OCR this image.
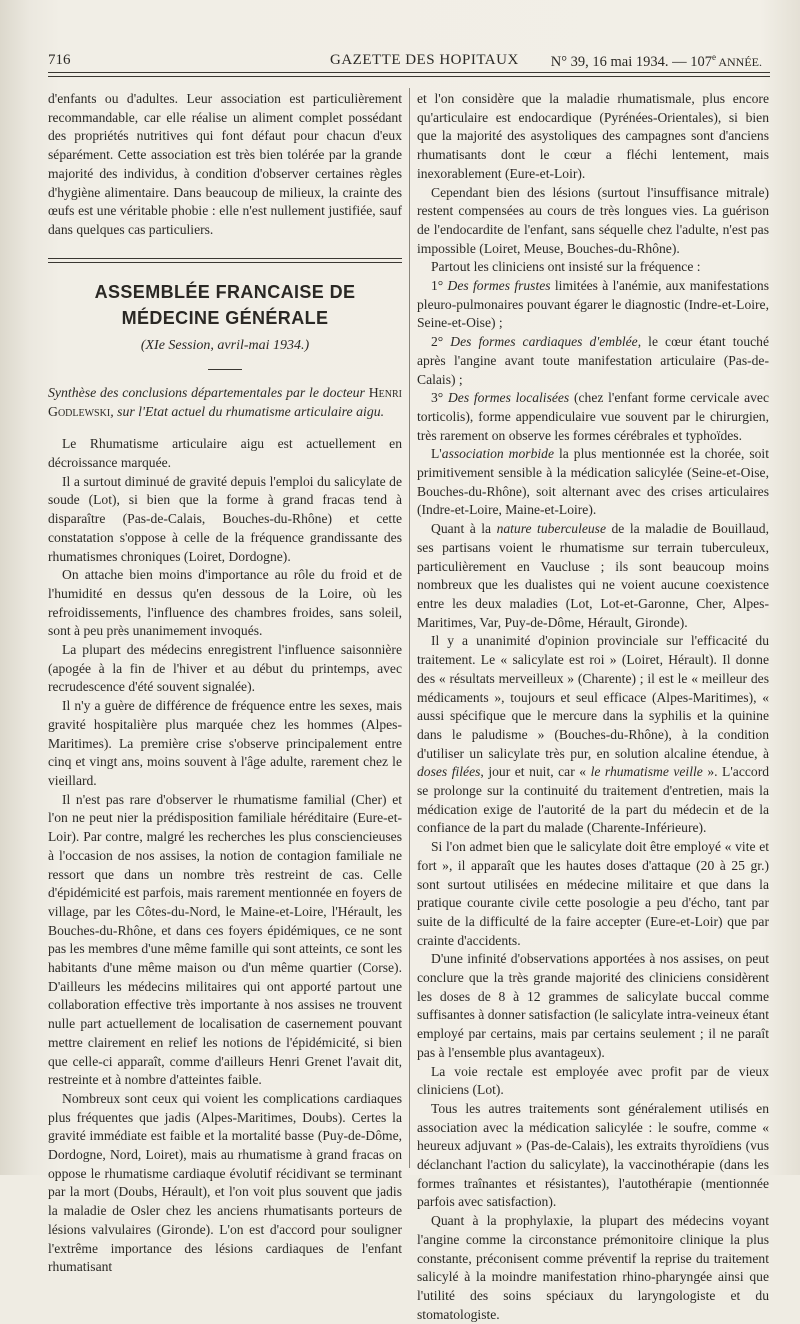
716	GAZETTE DES HOPITAUX N° 39, 16 mai 1934. — 107e ANNÉE.

d'enfants ou d'adultes. Leur association est particulièrement recommandable, car elle réalise un aliment complet possédant des propriétés nutritives qui font défaut pour chacun d'eux séparément. Cette association est très bien tolérée par la grande majorité des individus, à condition d'observer certaines règles d'hygiène alimentaire. Dans beaucoup de milieux, la crainte des œufs est une véritable phobie : elle n'est nullement justifiée, sauf dans quelques cas particuliers.

ASSEMBLÉE FRANCAISE DE MÉDECINE GÉNÉRALE
(XIe Session, avril-mai 1934.)

Synthèse des conclusions départementales par le docteur Henri Godlewski, sur l'Etat actuel du rhumatisme articulaire aigu.

Le Rhumatisme articulaire aigu est actuellement en décroissance marquée.

Il a surtout diminué de gravité depuis l'emploi du salicylate de soude (Lot), si bien que la forme à grand fracas tend à disparaître (Pas-de-Calais, Bouches-du-Rhône) et cette constatation s'oppose à celle de la fréquence grandissante des rhumatismes chroniques (Loiret, Dordogne).

On attache bien moins d'importance au rôle du froid et de l'humidité en dessus qu'en dessous de la Loire, où les refroidissements, l'influence des chambres froides, sans soleil, sont à peu près unanimement invoqués.

La plupart des médecins enregistrent l'influence saisonnière (apogée à la fin de l'hiver et au début du printemps, avec recrudescence d'été souvent signalée).

Il n'y a guère de différence de fréquence entre les sexes, mais gravité hospitalière plus marquée chez les hommes (Alpes-Maritimes). La première crise s'observe principalement entre cinq et vingt ans, moins souvent à l'âge adulte, rarement chez le vieillard.

Il n'est pas rare d'observer le rhumatisme familial (Cher) et l'on ne peut nier la prédisposition familiale héréditaire (Eure-et-Loir). Par contre, malgré les recherches les plus consciencieuses à l'occasion de nos assises, la notion de contagion familiale ne ressort que dans un nombre très restreint de cas. Celle d'épidémicité est parfois, mais rarement mentionnée en foyers de village, par les Côtes-du-Nord, le Maine-et-Loire, l'Hérault, les Bouches-du-Rhône, et dans ces foyers épidémiques, ce ne sont pas les membres d'une même famille qui sont atteints, ce sont les habitants d'une même maison ou d'un même quartier (Corse). D'ailleurs les médecins militaires qui ont apporté partout une collaboration effective très importante à nos assises ne trouvent nulle part actuellement de localisation de casernement pouvant mettre clairement en relief les notions de l'épidémicité, si bien que celle-ci apparaît, comme d'ailleurs Henri Grenet l'avait dit, restreinte et à nombre d'atteintes faible.

Nombreux sont ceux qui voient les complications cardiaques plus fréquentes que jadis (Alpes-Maritimes, Doubs). Certes la gravité immédiate est faible et la mortalité basse (Puy-de-Dôme, Dordogne, Nord, Loiret), mais au rhumatisme à grand fracas on oppose le rhumatisme cardiaque évolutif récidivant se terminant par la mort (Doubs, Hérault), et l'on voit plus souvent que jadis la maladie de Osler chez les anciens rhumatisants porteurs de lésions valvulaires (Gironde). L'on est d'accord pour souligner l'extrême importance des lésions cardiaques de l'enfant rhumatisant

et l'on considère que la maladie rhumatismale, plus encore qu'articulaire est endocardique (Pyrénées-Orientales), si bien que la majorité des asystoliques des campagnes sont d'anciens rhumatisants dont le cœur a fléchi lentement, mais inexorablement (Eure-et-Loir).

Cependant bien des lésions (surtout l'insuffisance mitrale) restent compensées au cours de très longues vies. La guérison de l'endocardite de l'enfant, sans séquelle chez l'adulte, n'est pas impossible (Loiret, Meuse, Bouches-du-Rhône).

Partout les cliniciens ont insisté sur la fréquence :

1° Des formes frustes limitées à l'anémie, aux manifestations pleuro-pulmonaires pouvant égarer le diagnostic (Indre-et-Loire, Seine-et-Oise) ;

2° Des formes cardiaques d'emblée, le cœur étant touché après l'angine avant toute manifestation articulaire (Pas-de-Calais) ;

3° Des formes localisées (chez l'enfant forme cervicale avec torticolis), forme appendiculaire vue souvent par le chirurgien, très rarement on observe les formes cérébrales et typhoïdes.

L'association morbide la plus mentionnée est la chorée, soit primitivement sensible à la médication salicylée (Seine-et-Oise, Bouches-du-Rhône), soit alternant avec des crises articulaires (Indre-et-Loire, Maine-et-Loire).

Quant à la nature tuberculeuse de la maladie de Bouillaud, ses partisans voient le rhumatisme sur terrain tuberculeux, particulièrement en Vaucluse ; ils sont beaucoup moins nombreux que les dualistes qui ne voient aucune coexistence entre les deux maladies (Lot, Lot-et-Garonne, Cher, Alpes-Maritimes, Var, Puy-de-Dôme, Hérault, Gironde).

Il y a unanimité d'opinion provinciale sur l'efficacité du traitement. Le « salicylate est roi » (Loiret, Hérault). Il donne des « résultats merveilleux » (Charente) ; il est le « meilleur des médicaments », toujours et seul efficace (Alpes-Maritimes), « aussi spécifique que le mercure dans la syphilis et la quinine dans le paludisme » (Bouches-du-Rhône), à la condition d'utiliser un salicylate très pur, en solution alcaline étendue, à doses filées, jour et nuit, car « le rhumatisme veille ». L'accord se prolonge sur la continuité du traitement d'entretien, mais la médication exige de l'autorité de la part du médecin et de la confiance de la part du malade (Charente-Inférieure).

Si l'on admet bien que le salicylate doit être employé « vite et fort », il apparaît que les hautes doses d'attaque (20 à 25 gr.) sont surtout utilisées en médecine militaire et que dans la pratique courante civile cette posologie a peu d'écho, tant par suite de la difficulté de la faire accepter (Eure-et-Loir) que par crainte d'accidents.

D'une infinité d'observations apportées à nos assises, on peut conclure que la très grande majorité des cliniciens considèrent les doses de 8 à 12 grammes de salicylate buccal comme suffisantes à donner satisfaction (le salicylate intra-veineux étant employé par certains, mais par certains seulement ; il ne paraît pas à l'ensemble plus avantageux).

La voie rectale est employée avec profit par de vieux cliniciens (Lot).

Tous les autres traitements sont généralement utilisés en association avec la médication salicylée : le soufre, comme « heureux adjuvant » (Pas-de-Calais), les extraits thyroïdiens (vus déclanchant l'action du salicylate), la vaccinothérapie (dans les formes traînantes et résistantes), l'autothérapie (mentionnée parfois avec satisfaction).

Quant à la prophylaxie, la plupart des médecins voyant l'angine comme la circonstance prémonitoire clinique la plus constante, préconisent comme préventif la reprise du traitement salicylé à la moindre manifestation rhino-pharyngée ainsi que l'utilité des soins spéciaux du laryngologiste et du stomatologiste.
